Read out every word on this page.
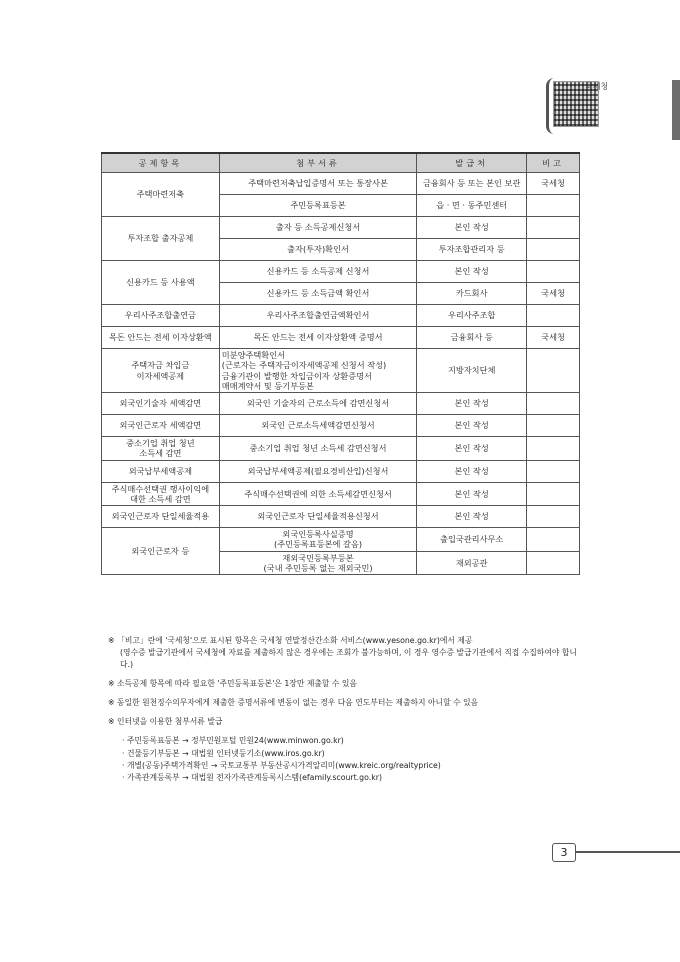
국세청
공제항목	첨부서류	발급처	비고
주택마련저축	주택마련저축납입증명서 또는 통장사본	금융회사 등 또는 본인 보관	국세청
	주민등록표등본	읍 · 면 · 동주민센터	
투자조합 출자공제	출자 등 소득공제신청서	본인 작성	
	출자(투자)확인서	투자조합관리자 등	
신용카드 등 사용액	신용카드 등 소득공제 신청서	본인 작성	
	신용카드 등 소득금액 확인서	카드회사	국세청
우리사주조합출연금	우리사주조합출연금액확인서	우리사주조합	
목돈 안드는 전세 이자상환액	목돈 안드는 전세 이자상환액 증명서	금융회사 등	국세청
주택자금 차입금
이자세액공제	미분양주택확인서
(근로자는 주택자금이자세액공제 신청서 작성)
금융기관이 발행한 차입금이자 상환증명서
매매계약서 및 등기부등본	지방자치단체	
외국인기술자 세액감면	외국인 기술자의 근로소득에 감면신청서	본인 작성	
외국인근로자 세액감면	외국인 근로소득세액감면신청서	본인 작성	
중소기업 취업 청년
소득세 감면	중소기업 취업 청년 소득세 감면신청서	본인 작성	
외국납부세액공제	외국납부세액공제(필요경비산입)신청서	본인 작성	
주식매수선택권 행사이익에
대한 소득세 감면	주식매수선택권에 의한 소득세감면신청서	본인 작성	
외국인근로자 단일세율적용	외국인근로자 단일세율적용신청서	본인 작성	
외국인근로자 등	외국인등록사실증명
(주민등록표등본에 갈음)	출입국관리사무소	
	재외국민등록부등본
(국내 주민등록 없는 재외국민)	재외공관	
※ 「비고」란에 '국세청'으로 표시된 항목은 국세청 연말정산간소화 서비스(www.yesone.go.kr)에서 제공
(영수증 발급기관에서 국세청에 자료를 제출하지 않은 경우에는 조회가 불가능하며, 이 경우 영수증 발급기관에서 직접 수집하여야 합니다.)
※ 소득공제 항목에 따라 필요한 '주민등록표등본'은 1장만 제출할 수 있음
※ 동일한 원천징수의무자에게 제출한 증명서류에 변동이 없는 경우 다음 연도부터는 제출하지 아니할 수 있음
※ 인터넷을 이용한 첨부서류 발급
· 주민등록표등본 → 정부민원포털 민원24(www.minwon.go.kr)
· 건물등기부등본 → 대법원 인터넷등기소(www.iros.go.kr)
· 개별(공동)주택가격확인 → 국토교통부 부동산공시가격알리미(www.kreic.org/realtyprice)
· 가족관계등록부 → 대법원 전자가족관계등록시스템(efamily.scourt.go.kr)
3
